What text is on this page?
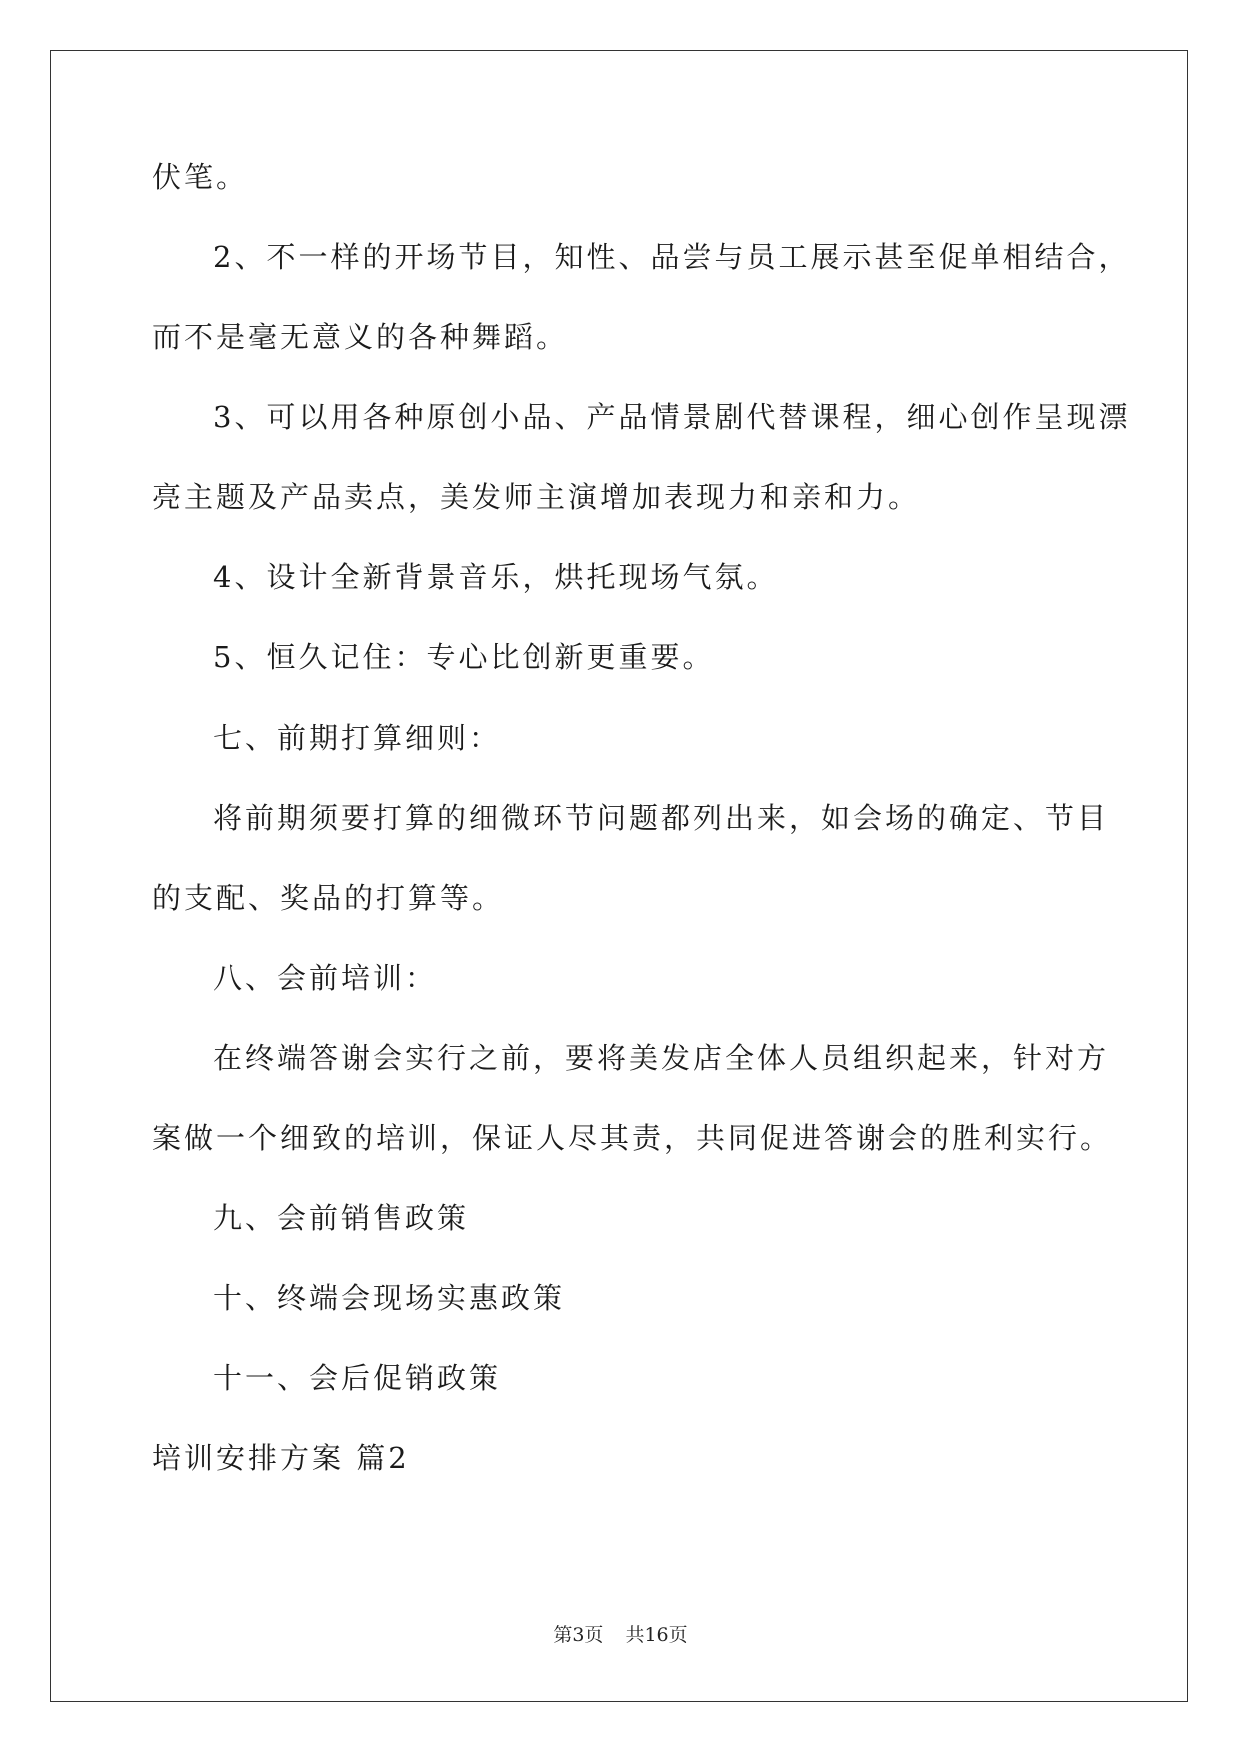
伏笔。
2、不一样的开场节目，知性、品尝与员工展示甚至促单相结合，
而不是毫无意义的各种舞蹈。
3、可以用各种原创小品、产品情景剧代替课程，细心创作呈现漂
亮主题及产品卖点，美发师主演增加表现力和亲和力。
4、设计全新背景音乐，烘托现场气氛。
5、恒久记住：专心比创新更重要。
七、前期打算细则：
将前期须要打算的细微环节问题都列出来，如会场的确定、节目
的支配、奖品的打算等。
八、会前培训：
在终端答谢会实行之前，要将美发店全体人员组织起来，针对方
案做一个细致的培训，保证人尽其责，共同促进答谢会的胜利实行。
九、会前销售政策
十、终端会现场实惠政策
十一、会后促销政策
培训安排方案 篇2
第3页 共16页
